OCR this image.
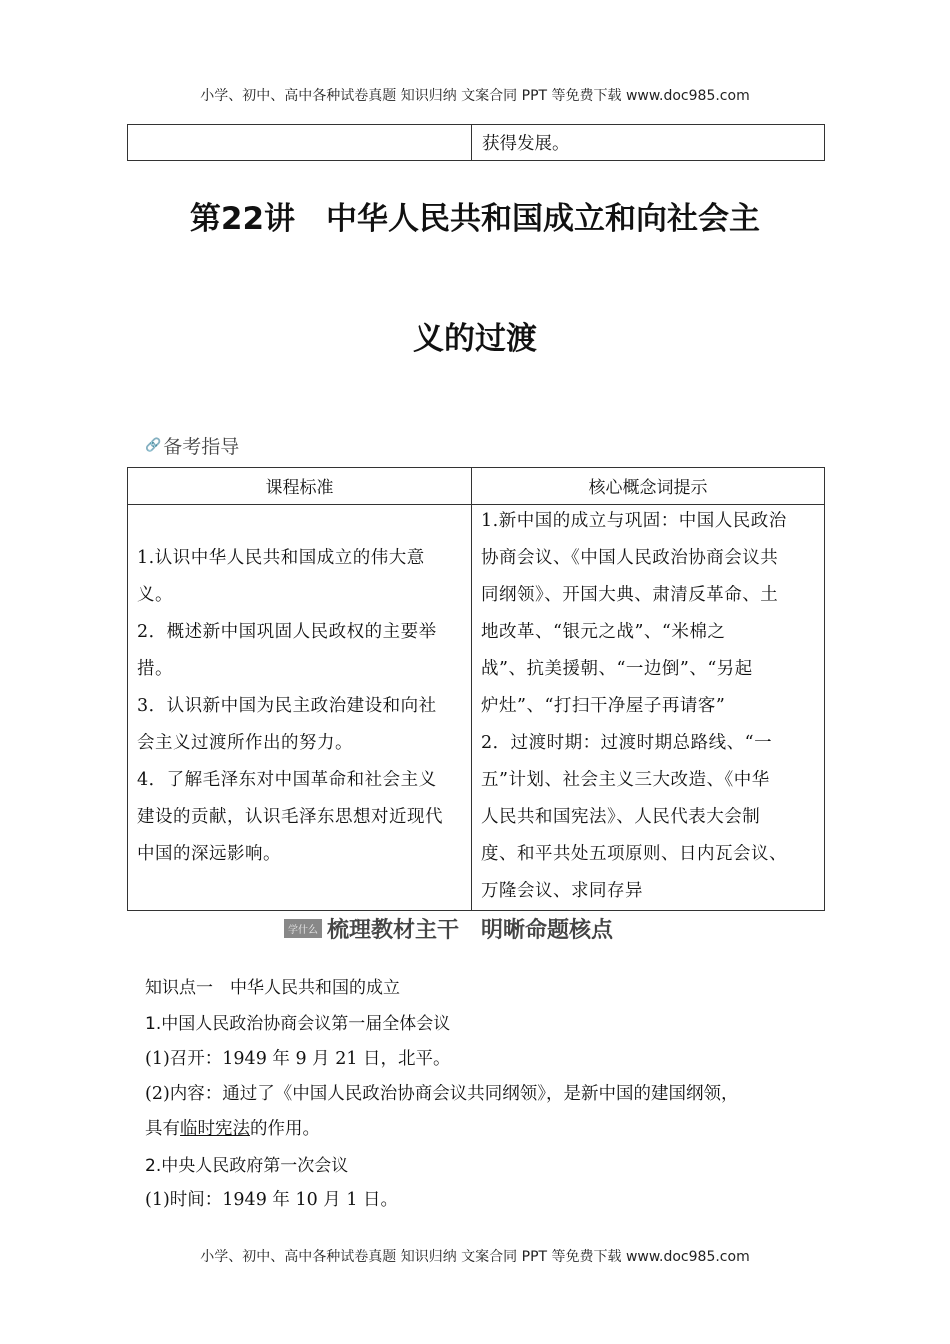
小学、初中、高中各种试卷真题 知识归纳 文案合同 PPT 等免费下载 www.doc985.com
获得发展。
第22讲　中华人民共和国成立和向社会主
义的过渡
🔗 备考指导
课程标准	核心概念词提示
1.认识中华人民共和国成立的伟大意
义。
2．概述新中国巩固人民政权的主要举
措。
3．认识新中国为民主政治建设和向社
会主义过渡所作出的努力。
4．了解毛泽东对中国革命和社会主义
建设的贡献，认识毛泽东思想对近现代
中国的深远影响。
1.新中国的成立与巩固：中国人民政治
协商会议、《中国人民政治协商会议共
同纲领》、开国大典、肃清反革命、土
地改革、“银元之战”、“米棉之
战”、抗美援朝、“一边倒”、“另起
炉灶”、“打扫干净屋子再请客”
2．过渡时期：过渡时期总路线、“一
五”计划、社会主义三大改造、《中华
人民共和国宪法》、人民代表大会制
度、和平共处五项原则、日内瓦会议、
万隆会议、求同存异
学什么 梳理教材主干　明晰命题核点
知识点一　中华人民共和国的成立
1.中国人民政治协商会议第一届全体会议
(1)召开：1949 年 9 月 21 日，北平。
(2)内容：通过了《中国人民政治协商会议共同纲领》，是新中国的建国纲领，
具有临时宪法的作用。
2.中央人民政府第一次会议
(1)时间：1949 年 10 月 1 日。
小学、初中、高中各种试卷真题 知识归纳 文案合同 PPT 等免费下载 www.doc985.com
